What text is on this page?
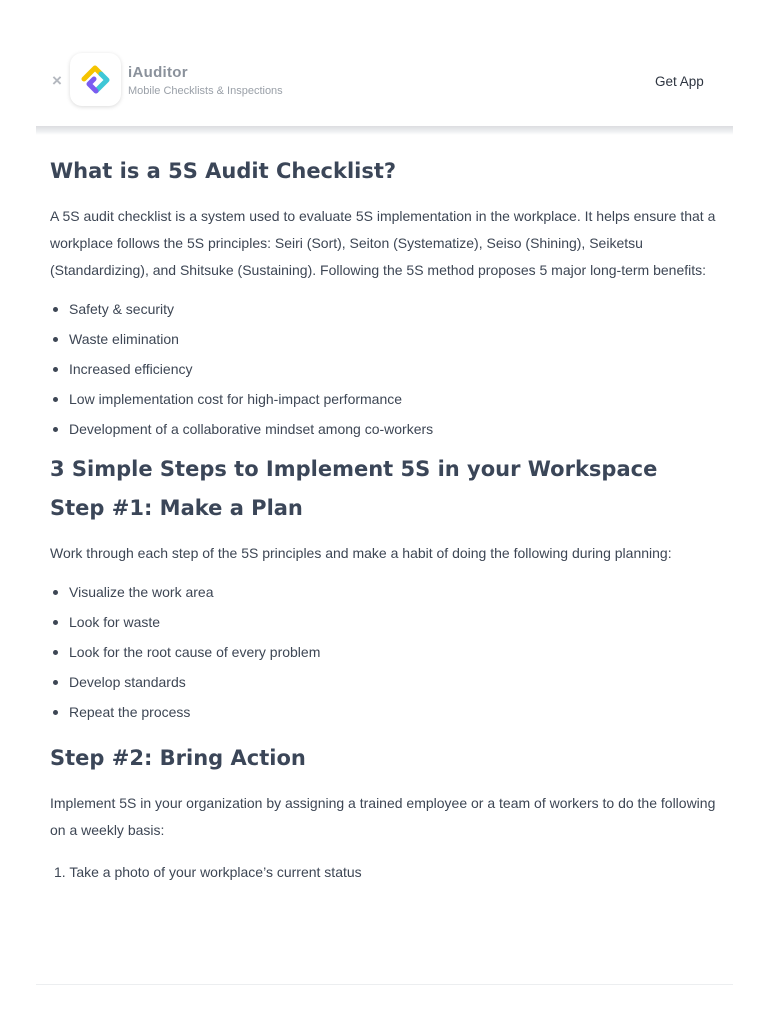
×	iAuditor
Mobile Checklists & Inspections
Get App
What is a 5S Audit Checklist?

A 5S audit checklist is a system used to evaluate 5S implementation in the workplace. It helps ensure that a workplace follows the 5S principles: Seiri (Sort), Seiton (Systematize), Seiso (Shining), Seiketsu (Standardizing), and Shitsuke (Sustaining). Following the 5S method proposes 5 major long-term benefits:

Safety & security
Waste elimination
Increased efficiency
Low implementation cost for high-impact performance
Development of a collaborative mindset among co-workers
3 Simple Steps to Implement 5S in your Workspace
Step #1: Make a Plan

Work through each step of the 5S principles and make a habit of doing the following during planning:

Visualize the work area
Look for waste
Look for the root cause of every problem
Develop standards
Repeat the process
Step #2: Bring Action

Implement 5S in your organization by assigning a trained employee or a team of workers to do the following on a weekly basis:

1. Take a photo of your workplace’s current status
